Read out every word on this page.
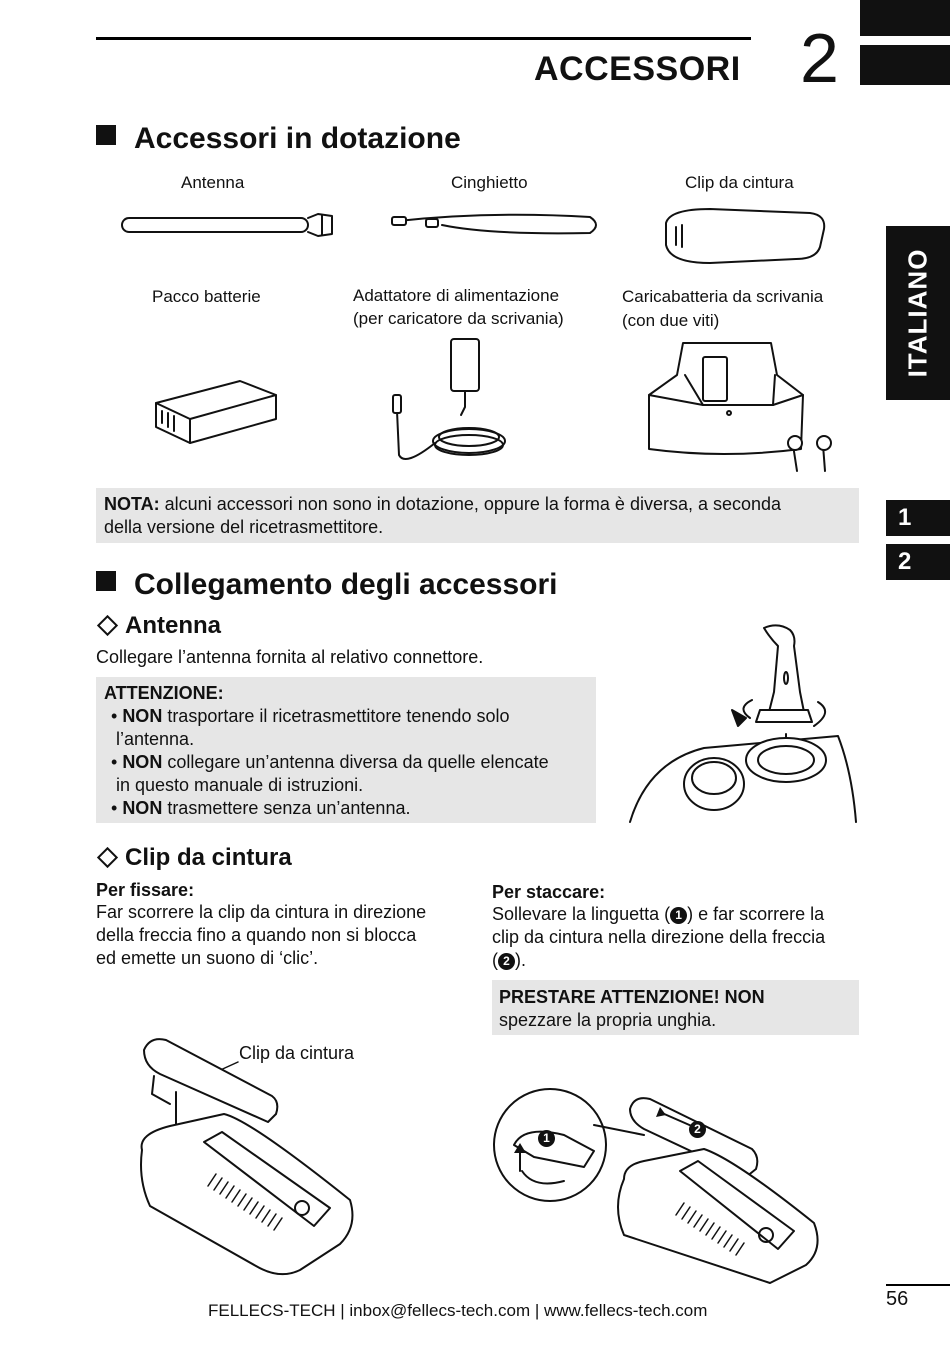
ACCESSORI 2
ITALIANO
1
2
Accessori in dotazione
Antenna	Cinghietto	Clip da cintura
Pacco batterie	Adattatore di alimentazione
(per caricatore da scrivania)
Caricabatteria da scrivania
(con due viti)
NOTA: alcuni accessori non sono in dotazione, oppure la forma è diversa, a seconda
della versione del ricetrasmettitore.
Collegamento degli accessori
Antenna
Collegare l’antenna fornita al relativo connettore.
ATTENZIONE:
• NON trasportare il ricetrasmettitore tenendo solo
l’antenna.
• NON collegare un’antenna diversa da quelle elencate
in questo manuale di istruzioni.
• NON trasmettere senza un’antenna.
Clip da cintura
Per fissare:
Far scorrere la clip da cintura in direzione
della freccia fino a quando non si blocca
ed emette un suono di ‘clic’.
Per staccare:
Sollevare la linguetta ( 1 ) e far scorrere la
clip da cintura nella direzione della freccia
( 2 ).
PRESTARE ATTENZIONE! NON
spezzare la propria unghia.
Clip da cintura
1
2
56
FELLECS-TECH | inbox@fellecs-tech.com | www.fellecs-tech.com
